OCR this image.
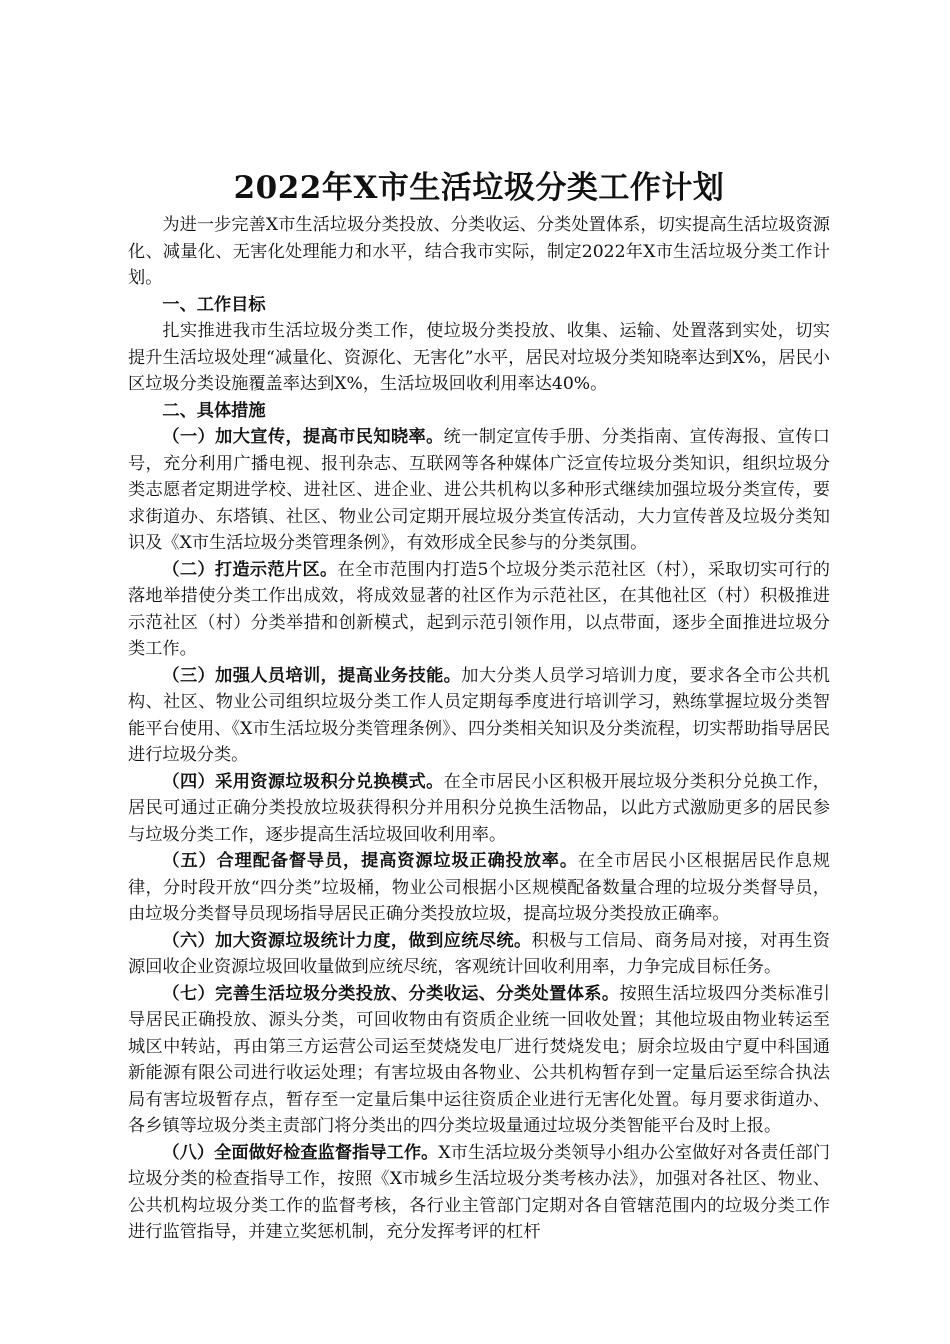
2022年X市生活垃圾分类工作计划

为进一步完善X市生活垃圾分类投放、分类收运、分类处置体系，切实提高生活垃圾资源化、减量化、无害化处理能力和水平，结合我市实际，制定2022年X市生活垃圾分类工作计划。

一、工作目标

扎实推进我市生活垃圾分类工作，使垃圾分类投放、收集、运输、处置落到实处，切实提升生活垃圾处理“减量化、资源化、无害化”水平，居民对垃圾分类知晓率达到X%，居民小区垃圾分类设施覆盖率达到X%，生活垃圾回收利用率达40%。

二、具体措施

（一）加大宣传，提高市民知晓率。统一制定宣传手册、分类指南、宣传海报、宣传口号，充分利用广播电视、报刊杂志、互联网等各种媒体广泛宣传垃圾分类知识，组织垃圾分类志愿者定期进学校、进社区、进企业、进公共机构以多种形式继续加强垃圾分类宣传，要求街道办、东塔镇、社区、物业公司定期开展垃圾分类宣传活动，大力宣传普及垃圾分类知识及《X市生活垃圾分类管理条例》，有效形成全民参与的分类氛围。

（二）打造示范片区。在全市范围内打造5个垃圾分类示范社区（村），采取切实可行的落地举措使分类工作出成效，将成效显著的社区作为示范社区，在其他社区（村）积极推进示范社区（村）分类举措和创新模式，起到示范引领作用，以点带面，逐步全面推进垃圾分类工作。

（三）加强人员培训，提高业务技能。加大分类人员学习培训力度，要求各全市公共机构、社区、物业公司组织垃圾分类工作人员定期每季度进行培训学习，熟练掌握垃圾分类智能平台使用、《X市生活垃圾分类管理条例》、四分类相关知识及分类流程，切实帮助指导居民进行垃圾分类。

（四）采用资源垃圾积分兑换模式。在全市居民小区积极开展垃圾分类积分兑换工作，居民可通过正确分类投放垃圾获得积分并用积分兑换生活物品，以此方式激励更多的居民参与垃圾分类工作，逐步提高生活垃圾回收利用率。

（五）合理配备督导员，提高资源垃圾正确投放率。在全市居民小区根据居民作息规律，分时段开放“四分类”垃圾桶，物业公司根据小区规模配备数量合理的垃圾分类督导员，由垃圾分类督导员现场指导居民正确分类投放垃圾，提高垃圾分类投放正确率。

（六）加大资源垃圾统计力度，做到应统尽统。积极与工信局、商务局对接，对再生资源回收企业资源垃圾回收量做到应统尽统，客观统计回收利用率，力争完成目标任务。

（七）完善生活垃圾分类投放、分类收运、分类处置体系。按照生活垃圾四分类标准引导居民正确投放、源头分类，可回收物由有资质企业统一回收处置；其他垃圾由物业转运至城区中转站，再由第三方运营公司运至焚烧发电厂进行焚烧发电；厨余垃圾由宁夏中科国通新能源有限公司进行收运处理；有害垃圾由各物业、公共机构暂存到一定量后运至综合执法局有害垃圾暂存点，暂存至一定量后集中运往资质企业进行无害化处置。每月要求街道办、各乡镇等垃圾分类主责部门将分类出的四分类垃圾量通过垃圾分类智能平台及时上报。

（八）全面做好检查监督指导工作。X市生活垃圾分类领导小组办公室做好对各责任部门垃圾分类的检查指导工作，按照《X市城乡生活垃圾分类考核办法》，加强对各社区、物业、公共机构垃圾分类工作的监督考核，各行业主管部门定期对各自管辖范围内的垃圾分类工作进行监管指导，并建立奖惩机制，充分发挥考评的杠杆
